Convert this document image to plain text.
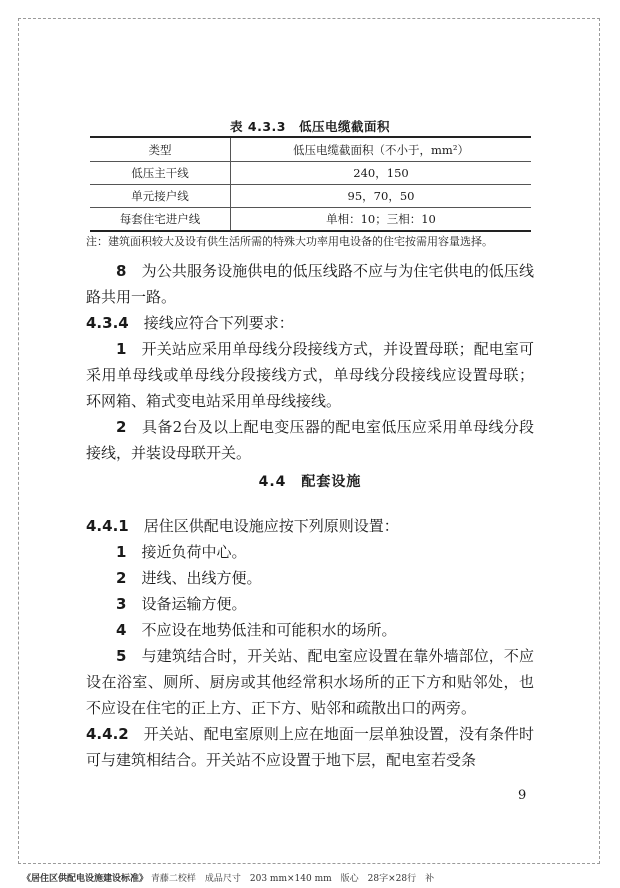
表 4.3.3　低压电缆截面积
类型	低压电缆截面积（不小于，mm²）
低压主干线	240，150
单元接户线	95，70，50
每套住宅进户线	单相：10；三相：10
注：建筑面积较大及设有供生活所需的特殊大功率用电设备的住宅按需用容量选择。

8　 为公共服务设施供电的低压线路不应与为住宅供电的低压线路共用一路。

4.3.4　 接线应符合下列要求：

1　 开关站应采用单母线分段接线方式，并设置母联；配电室可采用单母线或单母线分段接线方式，单母线分段接线应设置母联；环网箱、箱式变电站采用单母线接线。

2　 具备2台及以上配电变压器的配电室低压应采用单母线分段接线，并装设母联开关。

4.4　 配套设施

4.4.1　 居住区供配电设施应按下列原则设置：

1　 接近负荷中心。

2　 进线、出线方便。

3　 设备运输方便。

4　 不应设在地势低洼和可能积水的场所。

5　 与建筑结合时，开关站、配电室应设置在靠外墙部位，不应设在浴室、厕所、厨房或其他经常积水场所的正下方和贴邻处，也不应设在住宅的正上方、正下方、贴邻和疏散出口的两旁。

4.4.2　 开关站、配电室原则上应在地面一层单独设置，没有条件时可与建筑相结合。开关站不应设置于地下层，配电室若受条

9
《居住区供配电设施建设标准》 青藤二校样　成品尺寸　203 mm×140 mm　版心　28字×28行　补
